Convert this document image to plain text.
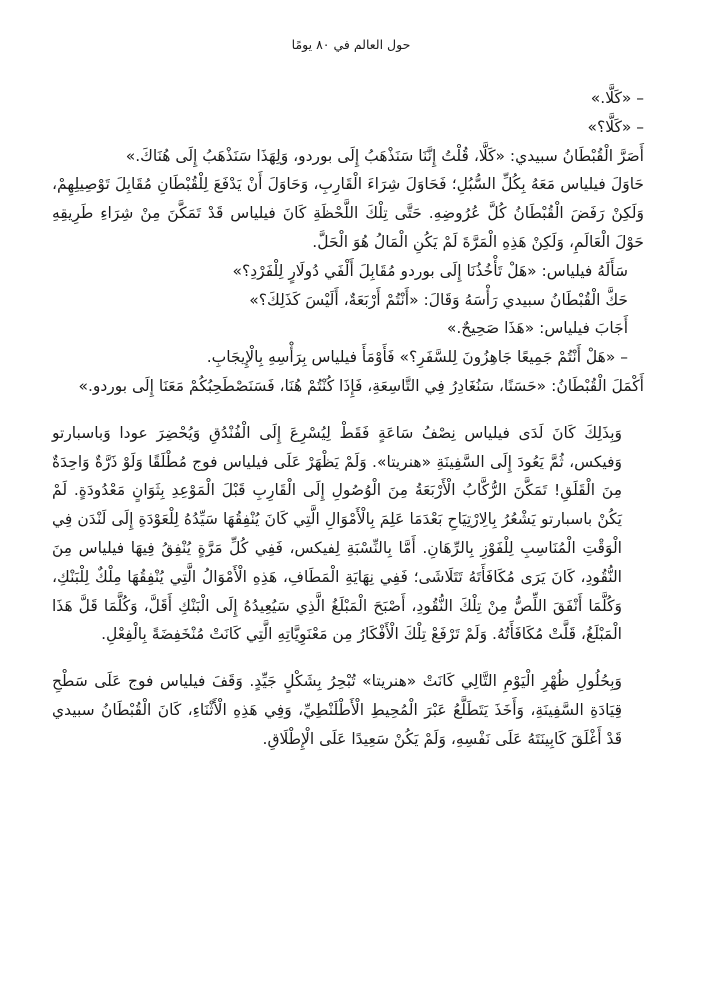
حول العالم في ٨٠ يومًا

– «كَلَّا.»

– «كَلَّا؟»

أَصَرَّ الْقُبْطَانُ سبيدي: «كَلَّا، قُلْتُ إِنَّنَا سَنَذْهَبُ إِلَى بوردو، وَلِهَذَا سَنَذْهَبُ إِلَى هُنَاكَ.»

حَاوَلَ فيلياس مَعَهُ بِكُلِّ السُّبُلِ؛ فَحَاوَلَ شِرَاءَ الْقَارِبِ، وَحَاوَلَ أَنْ يَدْفَعَ لِلْقُبْطَانِ مُقَابِلَ تَوْصِيلِهِمْ، وَلَكِنْ رَفَضَ الْقُبْطَانُ كُلَّ عُرُوضِهِ. حَتَّى تِلْكَ اللَّحْظَةِ كَانَ فيلياس قَدْ تَمَكَّنَ مِنْ شِرَاءِ طَرِيقِهِ حَوْلَ الْعَالَمِ، وَلَكِنْ هَذِهِ الْمَرَّةَ لَمْ يَكُنِ الْمَالُ هُوَ الْحَلَّ.

سَأَلَهُ فيلياس: «هَلْ تَأْخُذُنَا إِلَى بوردو مُقَابِلَ أَلْفَي دُولَارٍ لِلْفَرْدِ؟»

حَكَّ الْقُبْطَانُ سبيدي رَأْسَهُ وَقَالَ: «أَنْتُمْ أَرْبَعَةٌ، أَلَيْسَ كَذَلِكَ؟»

أَجَابَ فيلياس: «هَذَا صَحِيحٌ.»

– «هَلْ أَنْتُمْ جَمِيعًا جَاهِزُونَ لِلسَّفَرِ؟» فَأَوْمَأَ فيلياس بِرَأْسِهِ بِالْإِيجَابِ.

أَكْمَلَ الْقُبْطَانُ: «حَسَنًا، سَنُغَادِرُ فِي التَّاسِعَةِ، فَإِذَا كُنْتُمْ هُنَا، فَسَنَصْطَحِبُكُمْ مَعَنَا إِلَى بوردو.»

وَبِذَلِكَ كَانَ لَدَى فيلياس نِصْفُ سَاعَةٍ فَقَطْ لِيُسْرِعَ إِلَى الْفُنْدُقِ وَيُحْضِرَ عودا وَباسبارتو وَفيكس، ثُمَّ يَعُودَ إِلَى السَّفِينَةِ «هنريتا». وَلَمْ يَظْهَرْ عَلَى فيلياس فوج مُطْلَقًا وَلَوْ ذَرَّةٌ وَاحِدَةٌ مِنَ الْقَلَقِ! تَمَكَّنَ الرُّكَّابُ الْأَرْبَعَةُ مِنَ الْوُصُولِ إِلَى الْقَارِبِ قَبْلَ الْمَوْعِدِ بِثَوَانٍ مَعْدُودَةٍ. لَمْ يَكُنْ باسبارتو يَشْعُرُ بِالِارْتِيَاحِ بَعْدَمَا عَلِمَ بِالْأَمْوَالِ الَّتِي كَانَ يُنْفِقُهَا سَيِّدُهُ لِلْعَوْدَةِ إِلَى لَنْدَن فِي الْوَقْتِ الْمُنَاسِبِ لِلْفَوْزِ بِالرِّهَانِ. أَمَّا بِالنِّسْبَةِ لِفيكس، فَفِي كُلِّ مَرَّةٍ يُنْفِقُ فِيهَا فيلياس مِنَ النُّقُودِ، كَانَ يَرَى مُكَافَأَتَهُ تَتَلَاشَى؛ فَفِي نِهَايَةِ الْمَطَافِ، هَذِهِ الْأَمْوَالُ الَّتِي يُنْفِقُهَا مِلْكٌ لِلْبَنْكِ، وَكُلَّمَا أَنْفَقَ اللِّصُّ مِنْ تِلْكَ النُّقُودِ، أَصْبَحَ الْمَبْلَغُ الَّذِي سَيُعِيدُهُ إِلَى الْبَنْكِ أَقَلَّ، وَكُلَّمَا قَلَّ هَذَا الْمَبْلَغُ، قَلَّتْ مُكَافَأَتُهُ. وَلَمْ تَرْفَعْ تِلْكَ الْأَفْكَارُ مِن مَعْنَوِيَّاتِهِ الَّتِي كَانَتْ مُنْخَفِضَةً بِالْفِعْلِ.

وَبِحُلُولِ ظُهْرِ الْيَوْمِ التَّالِي كَانَتْ «هنريتا» تُبْحِرُ بِشَكْلٍ جَيِّدٍ. وَقَفَ فيلياس فوج عَلَى سَطْحِ قِيَادَةِ السَّفِينَةِ، وَأَخَذَ يَتَطَلَّعُ عَبْرَ الْمُحِيطِ الْأَطْلَنْطِيِّ، وَفِي هَذِهِ الْأَثْنَاءِ، كَانَ الْقُبْطَانُ سبيدي قَدْ أَغْلَقَ كَابِينَتَهُ عَلَى نَفْسِهِ، وَلَمْ يَكُنْ سَعِيدًا عَلَى الْإِطْلَاقِ.
